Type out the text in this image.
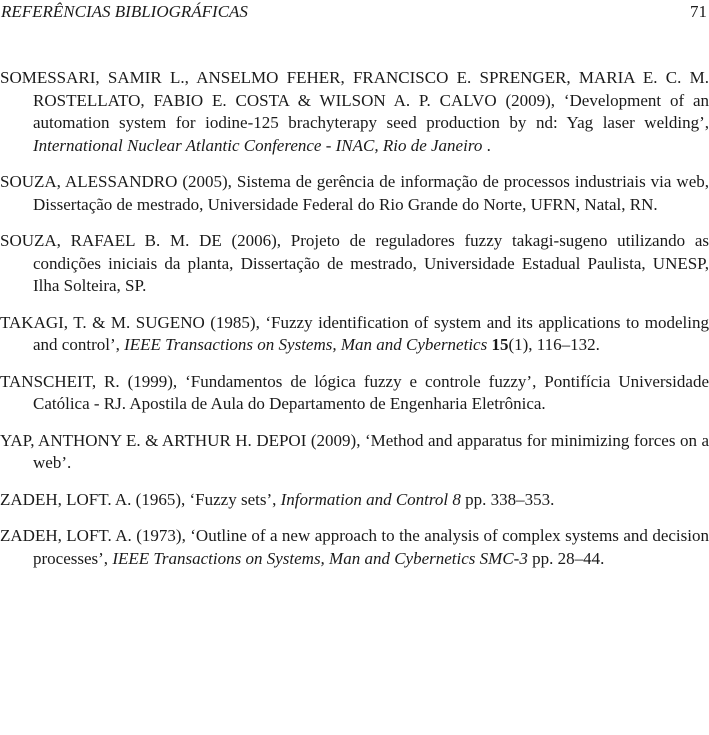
REFERÊNCIAS BIBLIOGRÁFICAS	71

SOMESSARI, SAMIR L., ANSELMO FEHER, FRANCISCO E. SPRENGER, MARIA E. C. M. ROSTELLATO, FABIO E. COSTA & WILSON A. P. CALVO (2009), ‘Development of an automation system for iodine-125 brachyterapy seed production by nd: Yag laser welding’, International Nuclear Atlantic Conference - INAC, Rio de Janeiro .

SOUZA, ALESSANDRO (2005), Sistema de gerência de informação de processos industriais via web, Dissertação de mestrado, Universidade Federal do Rio Grande do Norte, UFRN, Natal, RN.

SOUZA, RAFAEL B. M. DE (2006), Projeto de reguladores fuzzy takagi-sugeno utilizando as condições iniciais da planta, Dissertação de mestrado, Universidade Estadual Paulista, UNESP, Ilha Solteira, SP.

TAKAGI, T. & M. SUGENO (1985), ‘Fuzzy identification of system and its applications to modeling and control’, IEEE Transactions on Systems, Man and Cybernetics 15(1), 116–132.

TANSCHEIT, R. (1999), ‘Fundamentos de lógica fuzzy e controle fuzzy’, Pontifícia Universidade Católica - RJ. Apostila de Aula do Departamento de Engenharia Eletrônica.

YAP, ANTHONY E. & ARTHUR H. DEPOI (2009), ‘Method and apparatus for minimizing forces on a web’.

ZADEH, LOFT. A. (1965), ‘Fuzzy sets’, Information and Control 8 pp. 338–353.

ZADEH, LOFT. A. (1973), ‘Outline of a new approach to the analysis of complex systems and decision processes’, IEEE Transactions on Systems, Man and Cybernetics SMC-3 pp. 28–44.
